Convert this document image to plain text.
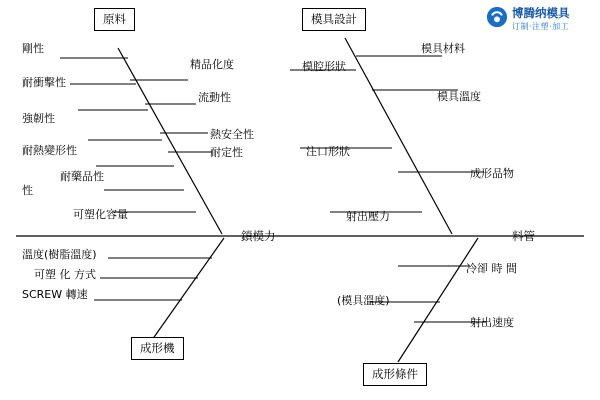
原料	模具設計
成形機
成形條件
鎖模力	料管
剛性
耐衝擊性
強韌性
耐熱變形性
耐藥品性
性
精品化度
流動性
熱安全性
耐定性
可塑化容量
模腔形狀
注口形狀
射出壓力
模具材料
模具溫度
成形品物
溫度(樹脂溫度)
可塑 化 方式
SCREW 轉速	(模具溫度)
冷卻 時 間
射出速度
博腾纳模具
订制·注塑·加工
